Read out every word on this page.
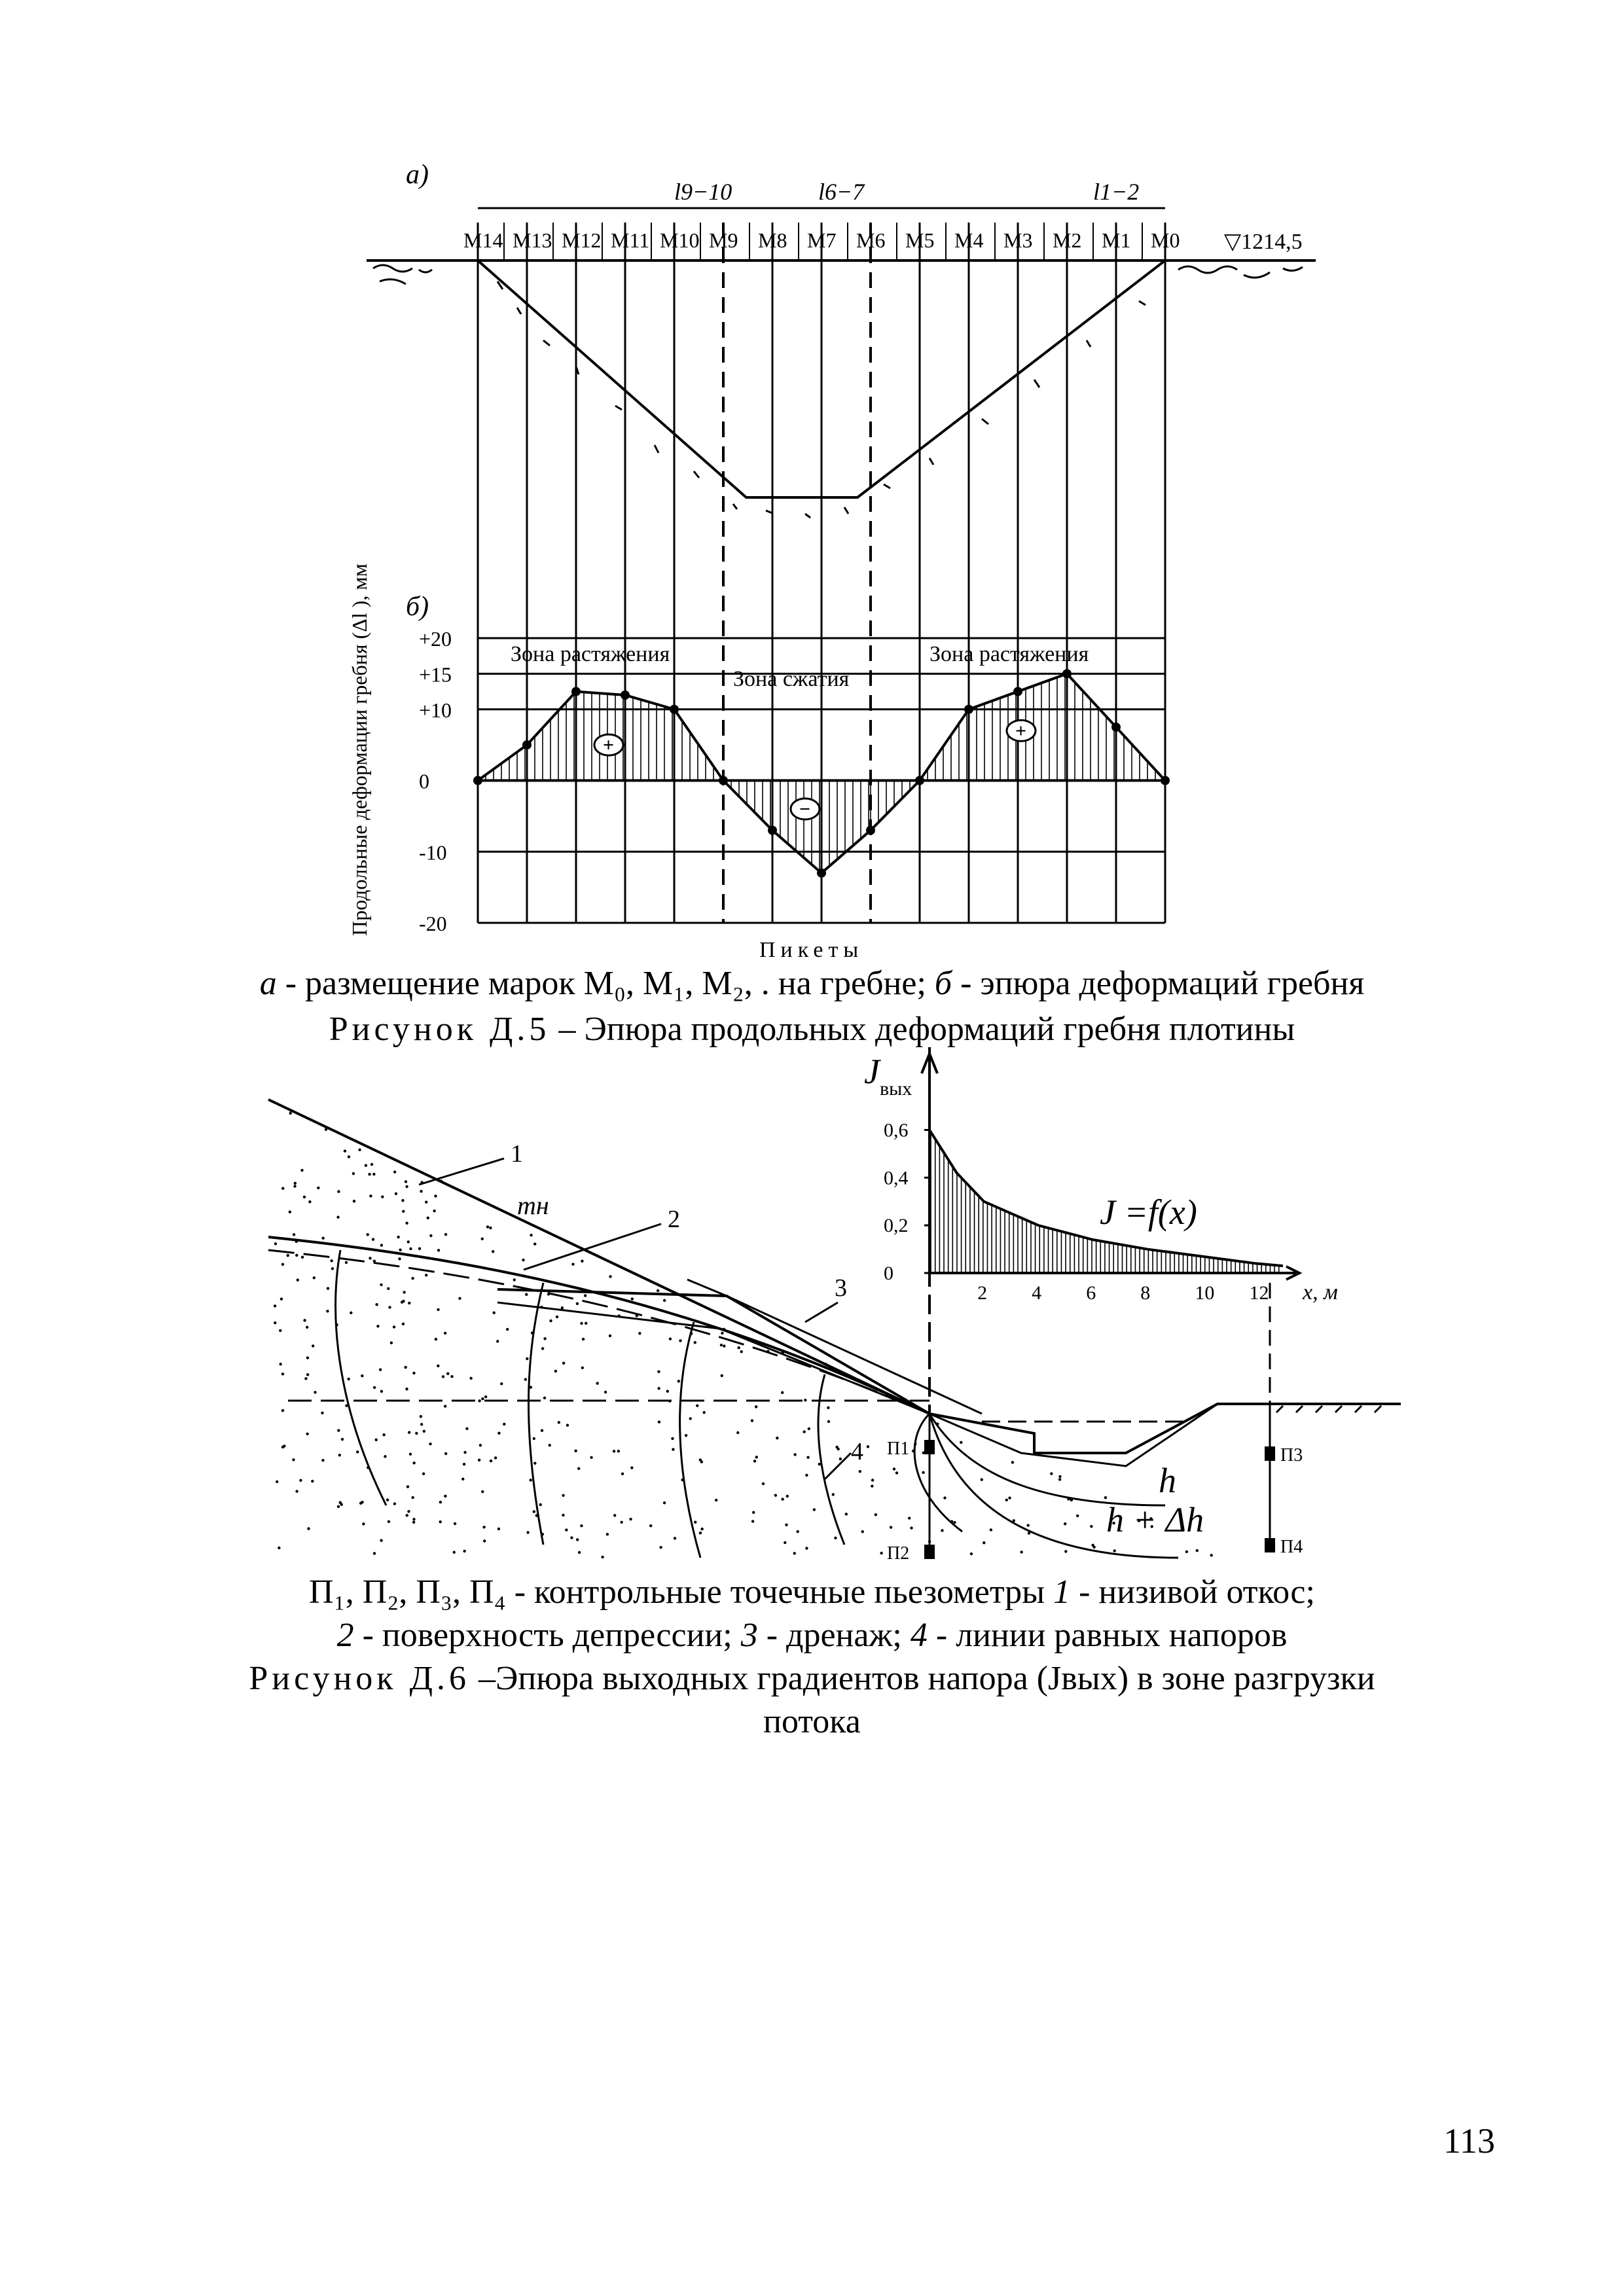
а)
l9−10	l6−7	l1−2
▽1214,5
M14 M13 M12 M11 M10 M9 M8 M7 M6 M5 M4 M3 M2 M1 M0
б)
Продольные деформации гребня (Δl ), мм +20
+15
+10
0
-10
-20
Зона растяжения
Зона сжатия
Зона растяжения
+
−
+
Пикеты
а - размещение марок M₀, M₁, M₂, . на гребне; б - эпюра деформаций гребня
Рисунок Д.5 – Эпюра продольных деформаций гребня плотины
П1
П2
П3
П4
1
mн	2
3
4
h
h + Δh
0,6
0,4
0,2
0
2 4 6 8 10 12 x, м
$J_{вых}$
J =f(x)
П₁, П₂, П₃, П₄ - контрольные точечные пьезометры 1 - низивой откос;
2 - поверхность депрессии; 3 - дренаж; 4 - линии равных напоров
Рисунок Д.6 –Эпюра выходных градиентов напора (Jвых) в зоне разгрузки
потока
113
